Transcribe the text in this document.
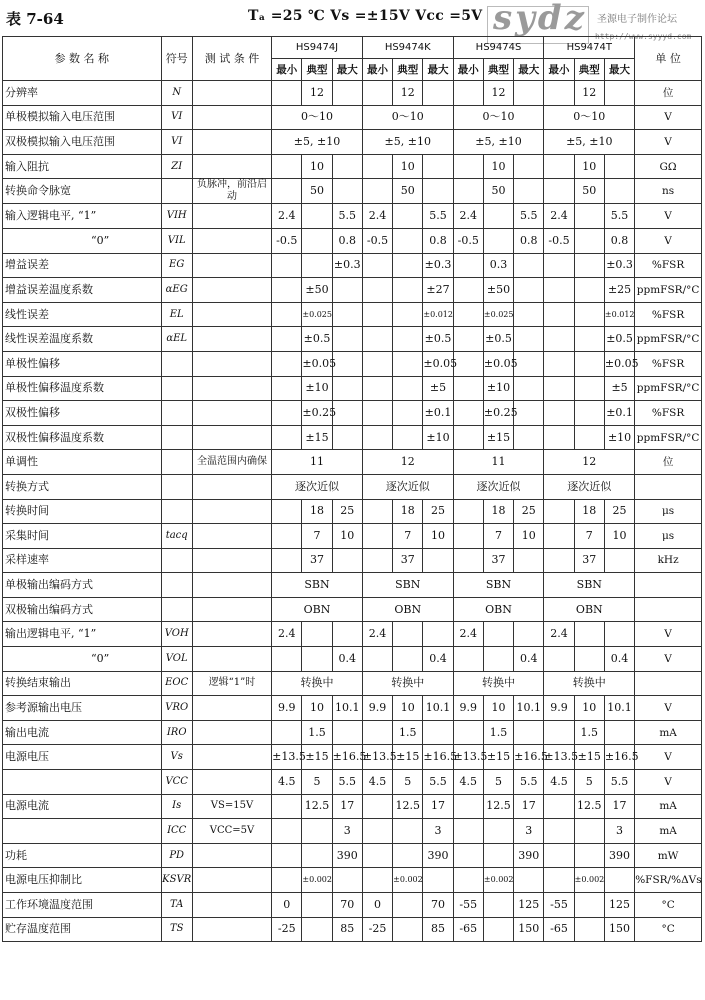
表 7-64	Tₐ =25 ℃ Vs =±15V Vcc =5V sydz 圣源电子制作论坛
http://www.syyyd.com
参 数 名 称	符号	测 试 条 件	HS9474J			HS9474K			HS9474S			HS9474T			单 位
			最小	典型	最大	最小	典型	最大	最小	典型	最大	最小	典型	最大	
分辨率	N			12			12			12			12		位
单极模拟输入电压范围	VI		0～10			0～10			0～10			0～10			V
双极模拟输入电压范围	VI		±5, ±10			±5, ±10			±5, ±10			±5, ±10			V
输入阻抗	ZI			10			10			10			10		GΩ
转换命令脉宽		负脉冲，前沿启动		50			50			50			50		ns
输入逻辑电平, “1”	VIH		2.4		5.5	2.4		5.5	2.4		5.5	2.4		5.5	V
“0”	VIL		-0.5		0.8	-0.5		0.8	-0.5		0.8	-0.5		0.8	V
增益误差	EG				±0.3			±0.3		0.3				±0.3	%FSR
增益误差温度系数	αEG			±50				±27		±50				±25	ppmFSR/°C
线性误差	EL			±0.025				±0.012		±0.025				±0.012	%FSR
线性误差温度系数	αEL			±0.5				±0.5		±0.5				±0.5	ppmFSR/°C
单极性偏移				±0.05				±0.05		±0.05				±0.05	%FSR
单极性偏移温度系数				±10				±5		±10				±5	ppmFSR/°C
双极性偏移				±0.25				±0.1		±0.25				±0.1	%FSR
双极性偏移温度系数				±15				±10		±15				±10	ppmFSR/°C
单调性		全温范围内确保	11			12			11			12			位
转换方式			逐次近似			逐次近似			逐次近似			逐次近似			
转换时间				18	25		18	25		18	25		18	25	μs
采集时间	tacq			7	10		7	10		7	10		7	10	μs
采样速率				37			37			37			37		kHz
单极输出编码方式			SBN			SBN			SBN			SBN			
双极输出编码方式			OBN			OBN			OBN			OBN			
输出逻辑电平, “1”	VOH		2.4			2.4			2.4			2.4			V
“0”	VOL				0.4			0.4			0.4			0.4	V
转换结束输出	EOC	逻辑“1”时	转换中			转换中			转换中			转换中			
参考源输出电压	VRO		9.9	10	10.1	9.9	10	10.1	9.9	10	10.1	9.9	10	10.1	V
输出电流	IRO			1.5			1.5			1.5			1.5		mA
电源电压	Vs		±13.5	±15	±16.5	±13.5	±15	±16.5	±13.5	±15	±16.5	±13.5	±15	±16.5	V
	VCC		4.5	5	5.5	4.5	5	5.5	4.5	5	5.5	4.5	5	5.5	V
电源电流	Is	VS=15V		12.5	17		12.5	17		12.5	17		12.5	17	mA
	ICC	VCC=5V			3			3			3			3	mA
功耗	PD				390			390			390			390	mW
电源电压抑制比	KSVR			±0.002			±0.002			±0.002			±0.002		%FSR/%ΔVs
工作环境温度范围	TA		0		70	0		70	-55		125	-55		125	°C
贮存温度范围	TS		-25		85	-25		85	-65		150	-65		150	°C
